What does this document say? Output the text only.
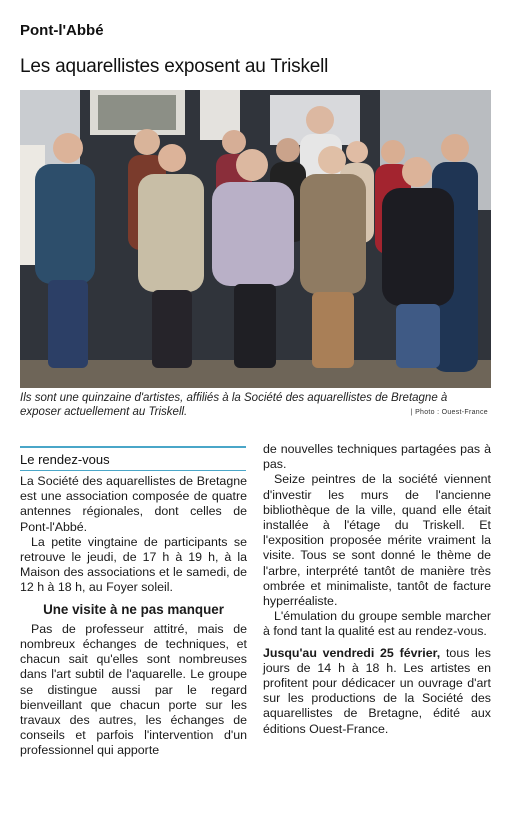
Pont-l'Abbé
Les aquarellistes exposent au Triskell
Ils sont une quinzaine d'artistes, affiliés à la Société des aquarellistes de Bretagne à exposer actuellement au Triskell.	| Photo : Ouest-France
Le rendez-vous

La Société des aquarellistes de Bretagne est une association composée de quatre antennes régionales, dont celles de Pont-l'Abbé.

La petite vingtaine de participants se retrouve le jeudi, de 17 h à 19 h, à la Maison des associations et le samedi, de 12 h à 18 h, au Foyer soleil.

Une visite à ne pas manquer

Pas de professeur attitré, mais de nombreux échanges de techniques, et chacun sait qu'elles sont nombreuses dans l'art subtil de l'aquarelle. Le groupe se distingue aussi par le regard bienveillant que chacun porte sur les travaux des autres, les échanges de conseils et parfois l'intervention d'un professionnel qui apporte

de nouvelles techniques partagées pas à pas.

Seize peintres de la société viennent d'investir les murs de l'ancienne bibliothèque de la ville, quand elle était installée à l'étage du Triskell. Et l'exposition proposée mérite vraiment la visite. Tous se sont donné le thème de l'arbre, interprété tantôt de manière très ombrée et minimaliste, tantôt de facture hyperréaliste.

L'émulation du groupe semble marcher à fond tant la qualité est au rendez-vous.

Jusqu'au vendredi 25 février, tous les jours de 14 h à 18 h. Les artistes en profitent pour dédicacer un ouvrage d'art sur les productions de la Société des aquarellistes de Bretagne, édité aux éditions Ouest-France.
